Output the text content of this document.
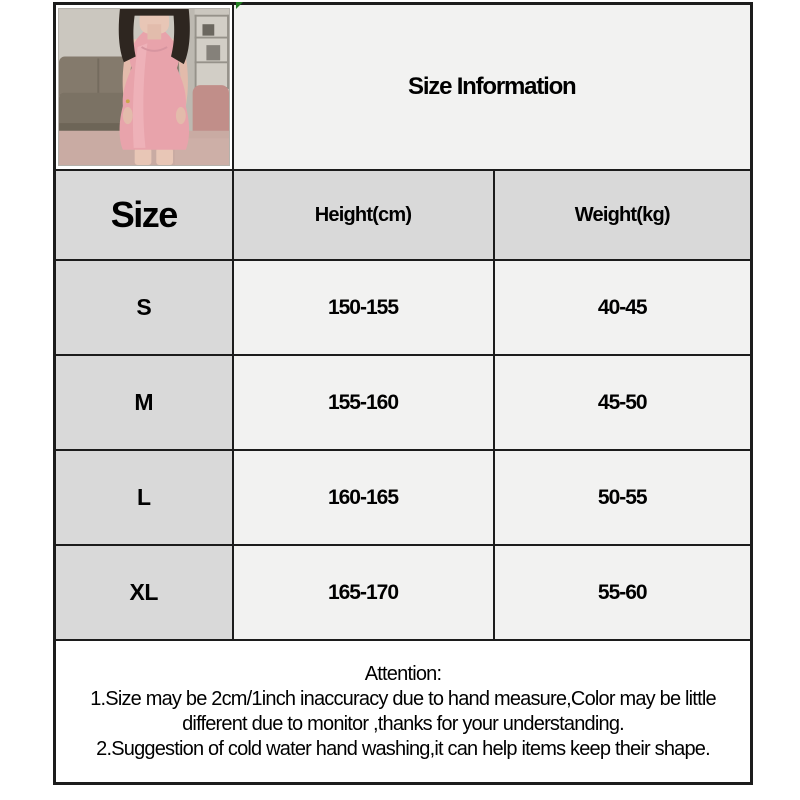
	Size Information	
Size	Height(cm)	Weight(kg)
S	150-155	40-45
M	155-160	45-50
L	160-165	50-55
XL	165-170	55-60

Attention:
1.Size may be 2cm/1inch inaccuracy due to hand measure,Color may be little
different due to monitor ,thanks for your understanding.
2.Suggestion of cold water hand washing,it can help items keep their shape.		
